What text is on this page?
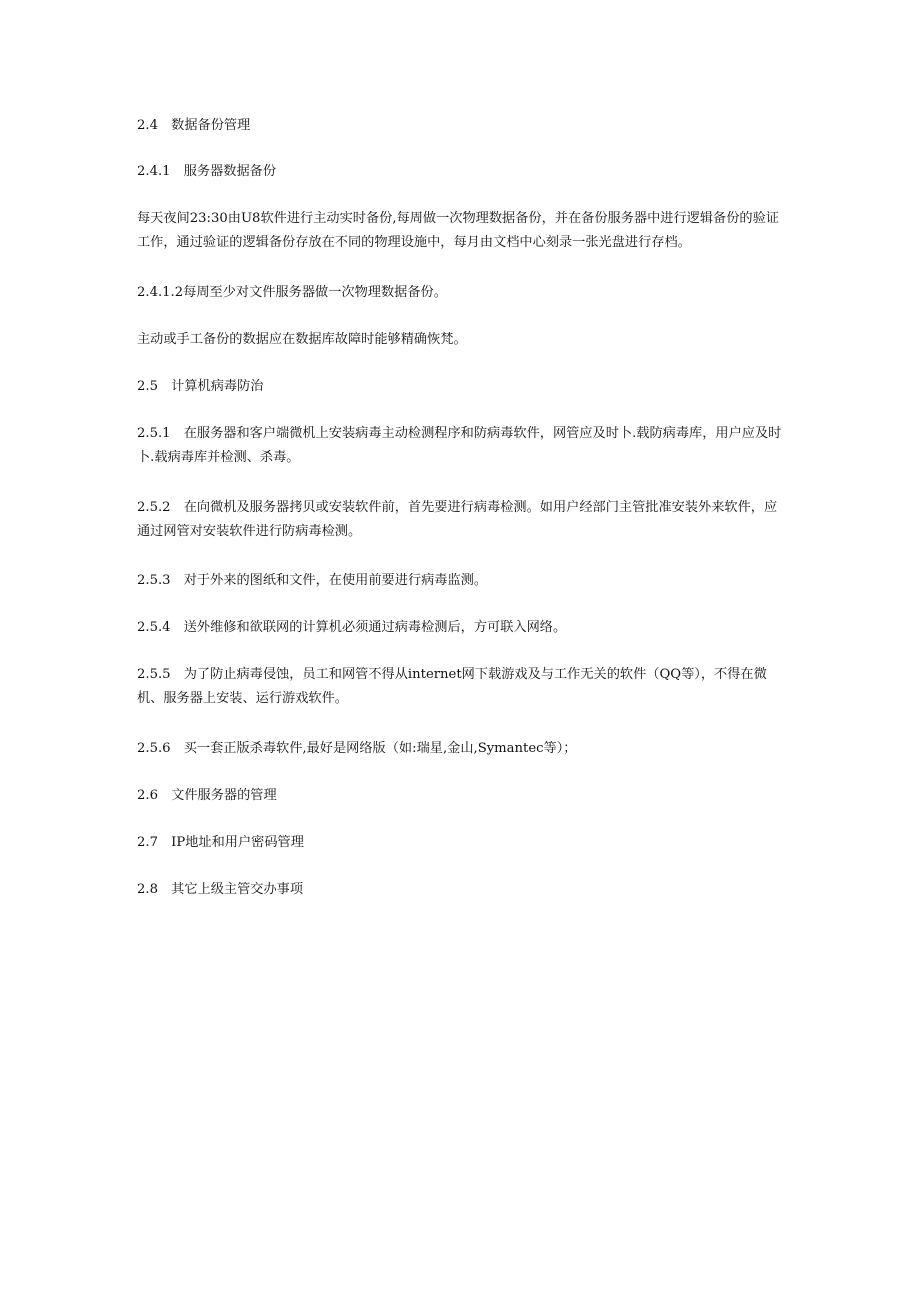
2.4　数据备份管理

2.4.1　服务器数据备份

每天夜间23:30由U8软件进行主动实时备份,每周做一次物理数据备份，并在备份服务器中进行逻辑备份的验证工作，通过验证的逻辑备份存放在不同的物理设施中，每月由文档中心刻录一张光盘进行存档。

2.4.1.2每周至少对文件服务器做一次物理数据备份。

主动或手工备份的数据应在数据库故障时能够精确恢梵。

2.5　计算机病毒防治

2.5.1　在服务器和客户端微机上安装病毒主动检测程序和防病毒软件，网管应及时卜.载防病毒库，用户应及时卜.载病毒库并检测、杀毒。

2.5.2　在向微机及服务器拷贝或安装软件前，首先要进行病毒检测。如用户经部门主管批准安装外来软件，应通过网管对安装软件进行防病毒检测。

2.5.3　对于外来的图纸和文件，在使用前要进行病毒监测。

2.5.4　送外维修和欲联网的计算机必须通过病毒检测后，方可联入网络。

2.5.5　为了防止病毒侵蚀，员工和网管不得从internet网下载游戏及与工作无关的软件（QQ等），不得在微机、服务器上安装、运行游戏软件。

2.5.6　买一套正版杀毒软件,最好是网络版（如:瑞星,金山,Symantec等）；

2.6　文件服务器的管理

2.7　IP地址和用户密码管理

2.8　其它上级主管交办事项
